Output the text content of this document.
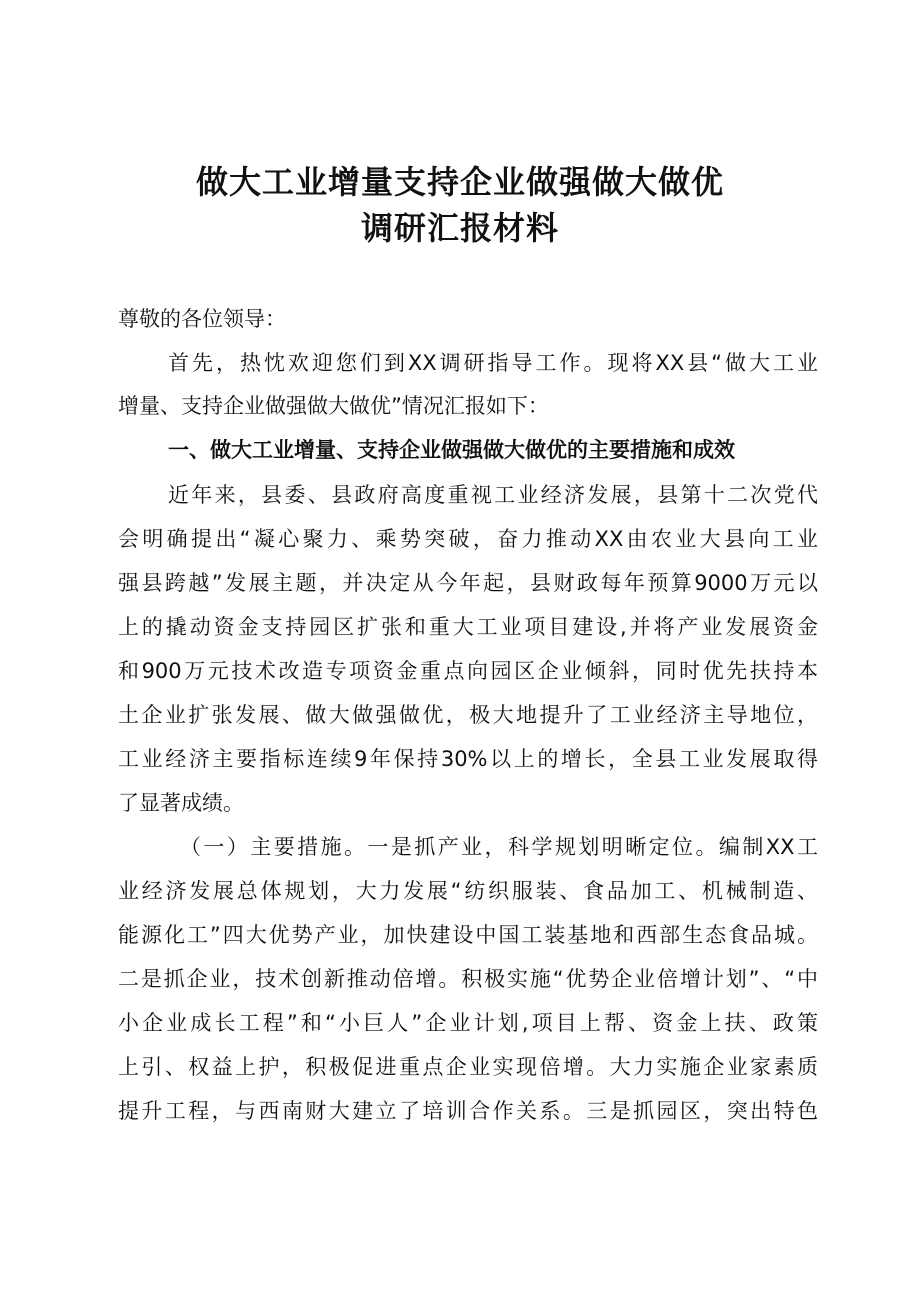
做大工业增量支持企业做强做大做优
调研汇报材料
尊敬的各位领导：
首先，热忱欢迎您们到XX调研指导工作。现将XX县“做大工业
增量、支持企业做强做大做优”情况汇报如下：
一、做大工业增量、支持企业做强做大做优的主要措施和成效
近年来，县委、县政府高度重视工业经济发展，县第十二次党代
会明确提出“凝心聚力、乘势突破，奋力推动XX由农业大县向工业
强县跨越”发展主题，并决定从今年起，县财政每年预算9000万元以
上的撬动资金支持园区扩张和重大工业项目建设,并将产业发展资金
和900万元技术改造专项资金重点向园区企业倾斜，同时优先扶持本
土企业扩张发展、做大做强做优，极大地提升了工业经济主导地位，
工业经济主要指标连续9年保持30%以上的增长，全县工业发展取得
了显著成绩。
（一）主要措施。一是抓产业，科学规划明晰定位。编制XX工
业经济发展总体规划，大力发展“纺织服装、食品加工、机械制造、
能源化工”四大优势产业，加快建设中国工装基地和西部生态食品城。
二是抓企业，技术创新推动倍增。积极实施“优势企业倍增计划”、“中
小企业成长工程”和“小巨人”企业计划,项目上帮、资金上扶、政策
上引、权益上护，积极促进重点企业实现倍增。大力实施企业家素质
提升工程，与西南财大建立了培训合作关系。三是抓园区，突出特色
